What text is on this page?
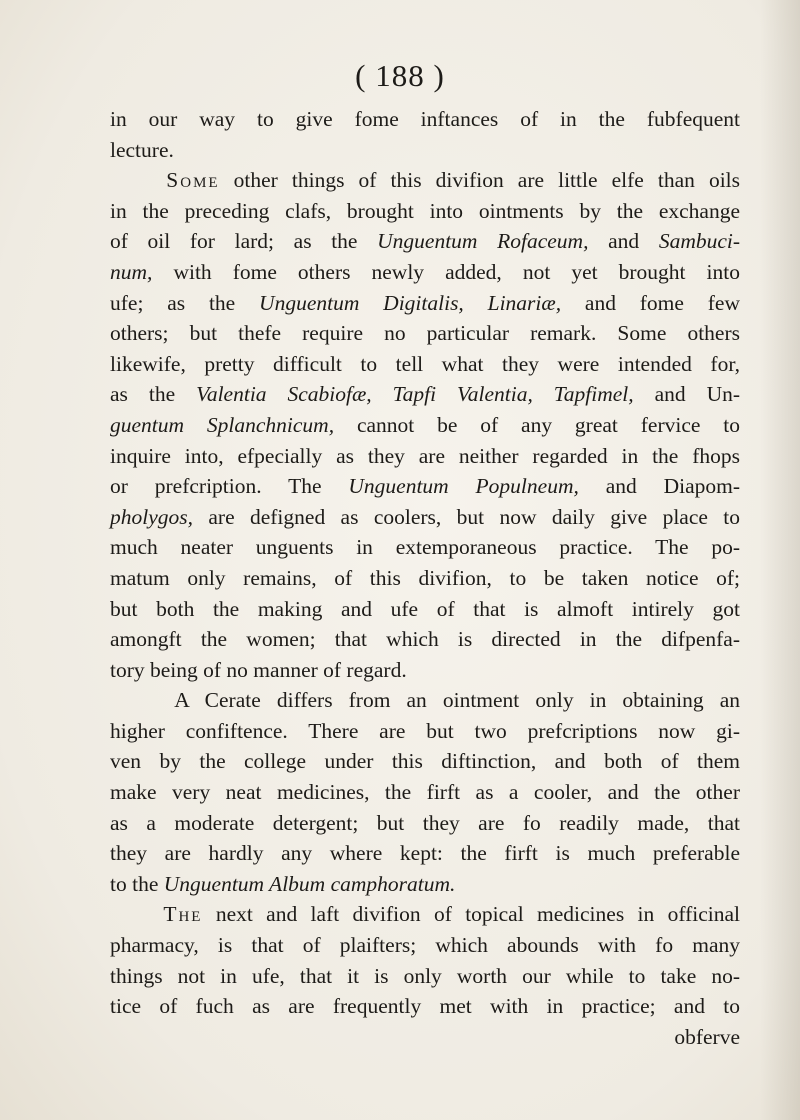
( 188 )

in our way to give fome inftances of in the fubfequent
lecture.

Some other things of this divifion are little elfe than oils
in the preceding clafs, brought into ointments by the exchange
of oil for lard; as the Unguentum Rofaceum, and Sambuci-
num, with fome others newly added, not yet brought into
ufe; as the Unguentum Digitalis, Linariæ, and fome few
others; but thefe require no particular remark. Some others
likewife, pretty difficult to tell what they were intended for,
as the Valentia Scabiofæ, Tapfi Valentia, Tapfimel, and Un-
guentum Splanchnicum, cannot be of any great fervice to
inquire into, efpecially as they are neither regarded in the fhops
or prefcription. The Unguentum Populneum, and Diapom-
pholygos, are defigned as coolers, but now daily give place to
much neater unguents in extemporaneous practice. The po-
matum only remains, of this divifion, to be taken notice of;
but both the making and ufe of that is almoft intirely got
amongft the women; that which is directed in the difpenfa-
tory being of no manner of regard.

A Cerate differs from an ointment only in obtaining an
higher confiftence. There are but two prefcriptions now gi-
ven by the college under this diftinction, and both of them
make very neat medicines, the firft as a cooler, and the other
as a moderate detergent; but they are fo readily made, that
they are hardly any where kept: the firft is much preferable
to the Unguentum Album camphoratum.

The next and laft divifion of topical medicines in officinal
pharmacy, is that of plaifters; which abounds with fo many
things not in ufe, that it is only worth our while to take no-
tice of fuch as are frequently met with in practice; and to
obferve
